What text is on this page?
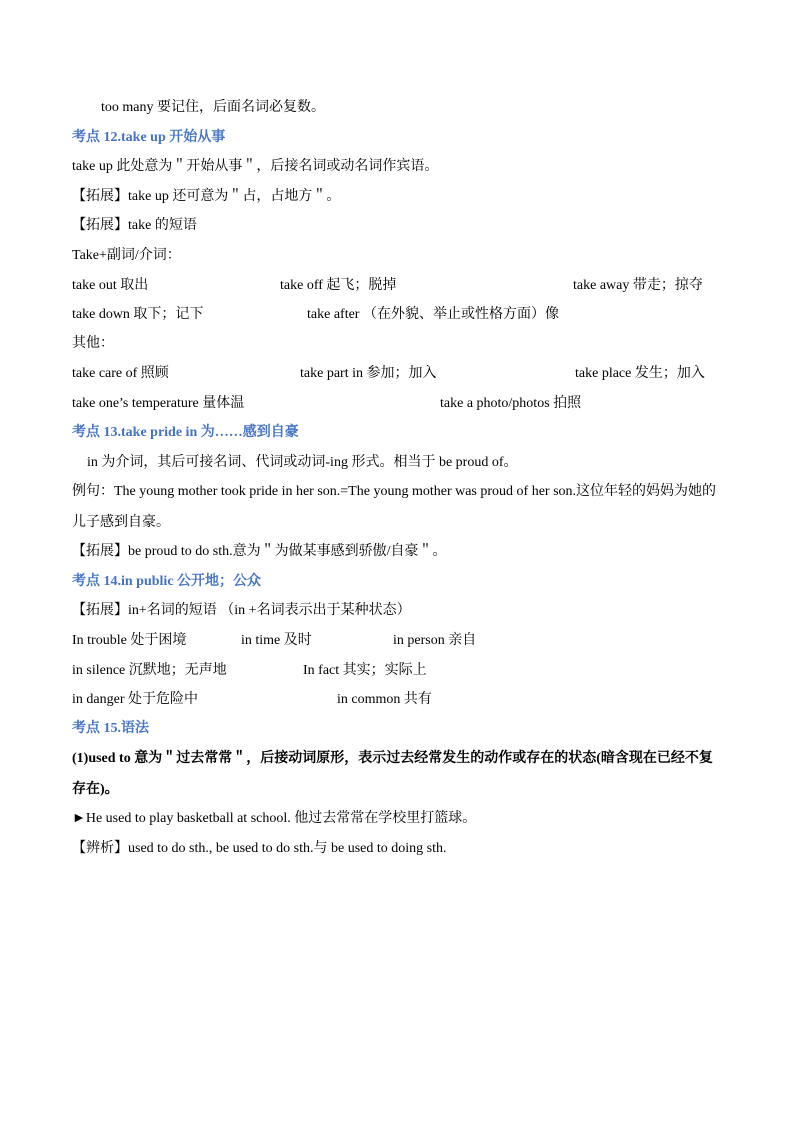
too many 要记住，后面名词必复数。
考点 12.take up 开始从事
take up 此处意为＂开始从事＂，后接名词或动名词作宾语。
【拓展】take up 还可意为＂占，占地方＂。
【拓展】take 的短语
Take+副词/介词：
take out 取出	take off 起飞；脱掉	take away 带走；掠夺
take down 取下；记下	take after （在外貌、举止或性格方面）像
其他：
take care of 照顾	take part in 参加；加入	take place 发生；加入
take one’s temperature 量体温	take a photo/photos 拍照
考点 13.take pride in 为……感到自豪
in 为介词，其后可接名词、代词或动词-ing 形式。相当于 be proud of。
例句：The young mother took pride in her son.=The young mother was proud of her son.这位年轻的妈妈为她的
儿子感到自豪。
【拓展】be proud to do sth.意为＂为做某事感到骄傲/自豪＂。
考点 14.in public 公开地；公众
【拓展】in+名词的短语 （in +名词表示出于某种状态）
In trouble 处于困境	in time 及时	in person 亲自
in silence 沉默地；无声地	In fact 其实；实际上
in danger 处于危险中	in common 共有
考点 15.语法
(1)used to 意为＂过去常常＂，后接动词原形，表示过去经常发生的动作或存在的状态(暗含现在已经不复
存在)。
►He used to play basketball at school. 他过去常常在学校里打篮球。
【辨析】used to do sth., be used to do sth.与 be used to doing sth.
